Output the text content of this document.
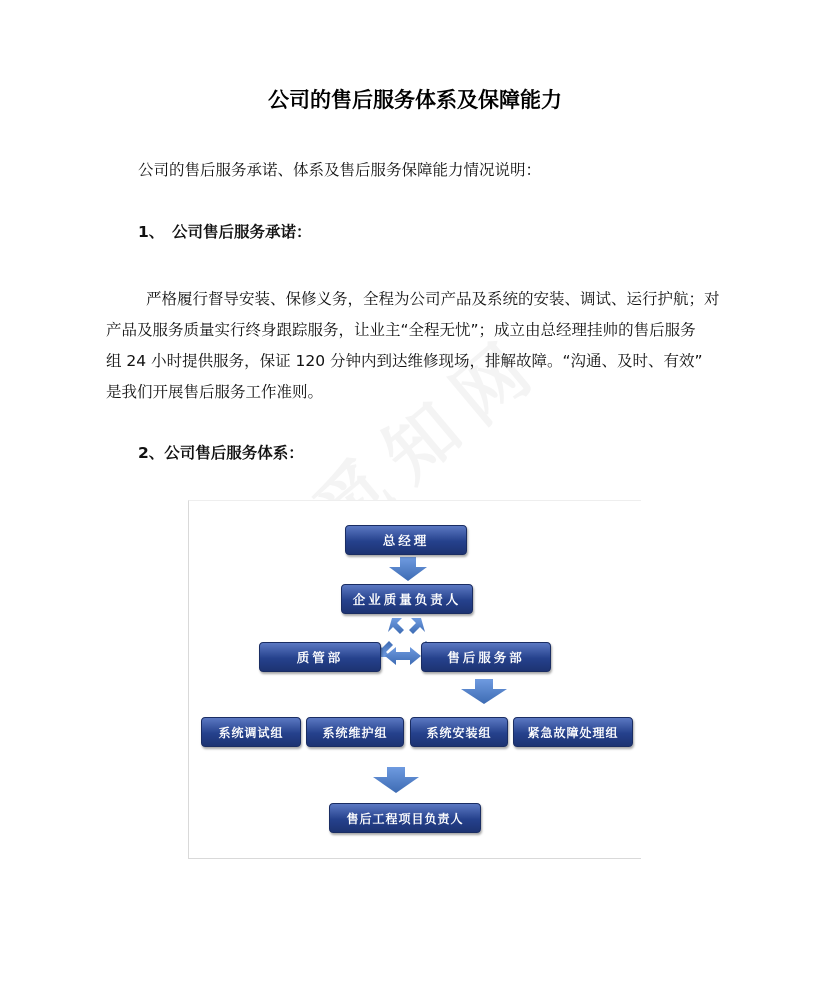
公司的售后服务体系及保障能力
公司的售后服务承诺、体系及售后服务保障能力情况说明：
1、 公司售后服务承诺：

严格履行督导安装、保修义务，全程为公司产品及系统的安装、调试、运行护航；对

产品及服务质量实行终身跟踪服务，让业主“全程无忧”；成立由总经理挂帅的售后服务

组 24 小时提供服务，保证 120 分钟内到达维修现场，排解故障。“沟通、及时、有效”

是我们开展售后服务工作准则。

2、公司售后服务体系：
总经理
企业质量负责人
质管部	售后服务部
系统调试组	系统维护组	系统安装组	紧急故障处理组
售后工程项目负责人
